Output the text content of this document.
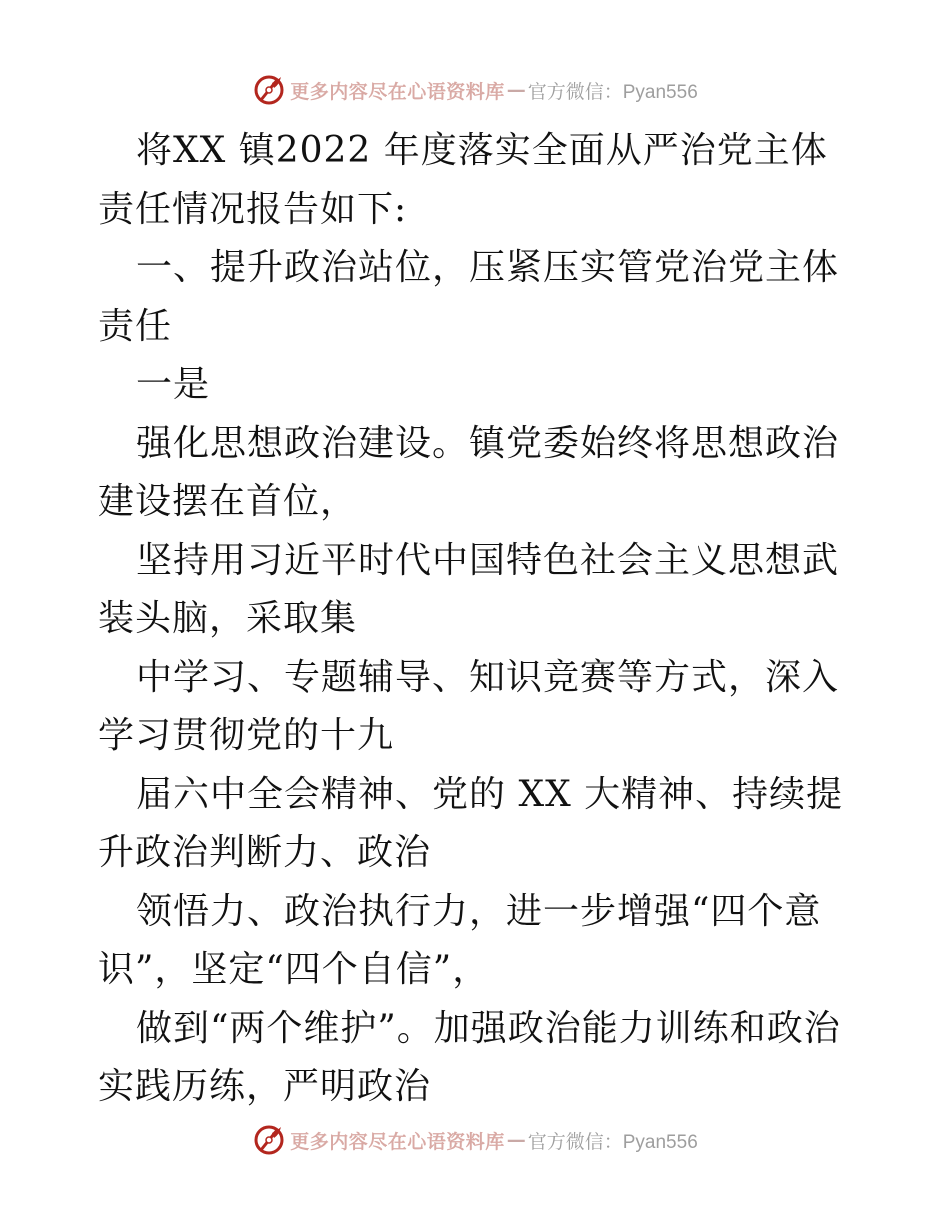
更多内容尽在心语资料库 — 官方微信：Pyan556

将XX 镇2022 年度落实全面从严治党主体责任情况报告如下:

一、提升政治站位，压紧压实管党治党主体责任

一是

强化思想政治建设。镇党委始终将思想政治建设摆在首位，

坚持用习近平时代中国特色社会主义思想武装头脑，采取集

中学习、专题辅导、知识竞赛等方式，深入学习贯彻党的十九

届六中全会精神、党的 XX 大精神、持续提升政治判断力、政治

领悟力、政治执行力，进一步增强“四个意识”，坚定“四个自信”，

做到“两个维护”。加强政治能力训练和政治实践历练，严明政治

更多内容尽在心语资料库 — 官方微信：Pyan556
